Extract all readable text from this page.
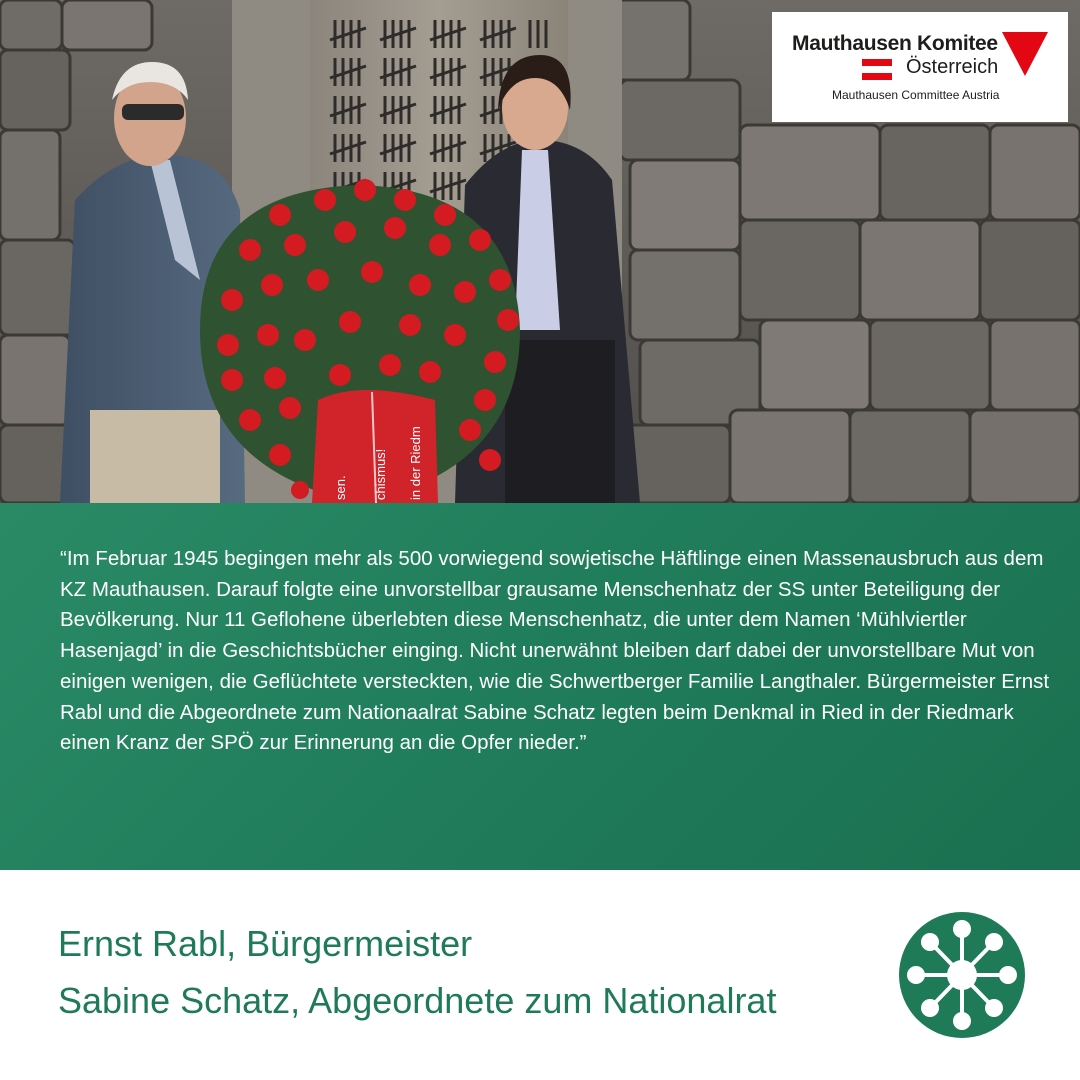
sen. chismus! in der Riedm
Mauthausen Komitee
Österreich
Mauthausen Committee Austria

“Im Februar 1945 begingen mehr als 500 vorwiegend sowjetische Häftlinge einen Massenausbruch aus dem KZ Mauthausen. Darauf folgte eine unvorstellbar grausame Menschenhatz der SS unter Beteiligung der Bevölkerung. Nur 11 Geflohene überlebten diese Menschenhatz, die unter dem Namen ‘Mühlviertler Hasenjagd’ in die Geschichtsbücher einging. Nicht unerwähnt bleiben darf dabei der unvorstellbare Mut von einigen wenigen, die Geflüchtete versteckten, wie die Schwertberger Familie Langthaler. Bürgermeister Ernst Rabl und die Abgeordnete zum Nationaalrat Sabine Schatz legten beim Denkmal in Ried in der Riedmark einen Kranz der SPÖ zur Erinnerung an die Opfer nieder.”

Ernst Rabl, Bürgermeister
Sabine Schatz, Abgeordnete zum Nationalrat
